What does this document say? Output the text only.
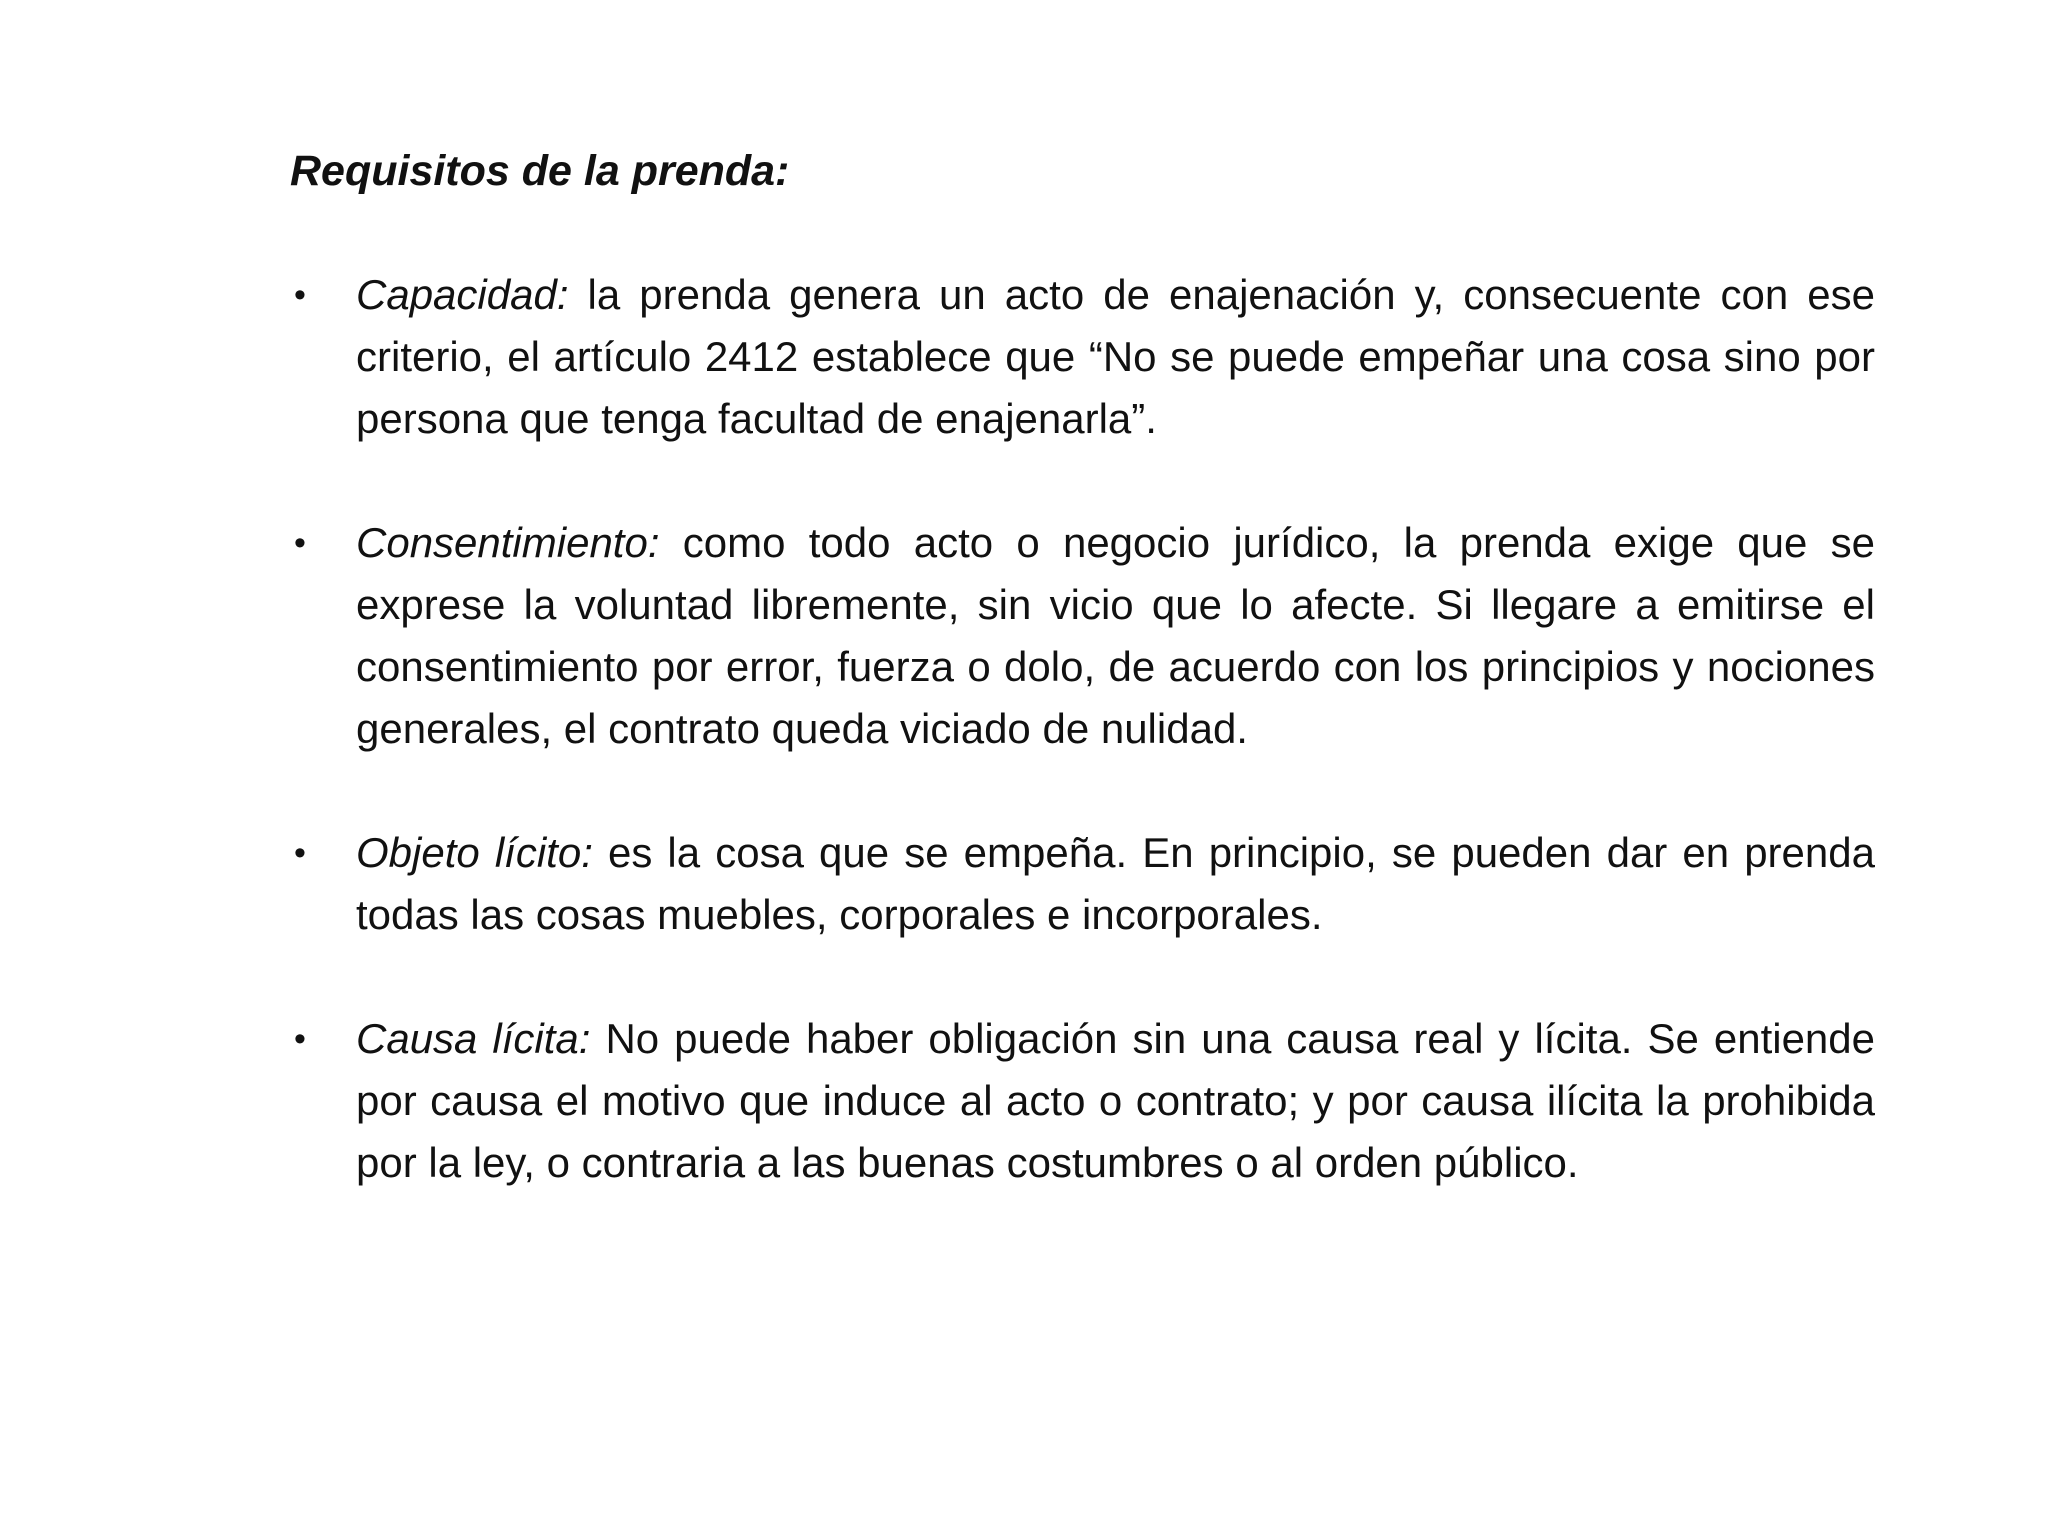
Requisitos de la prenda:
• Capacidad: la prenda genera un acto de enajenación y, consecuente con ese criterio, el artículo 2412 establece que “No se puede empeñar una cosa sino por persona que tenga facultad de enajenarla”.
• Consentimiento: como todo acto o negocio jurídico, la prenda exige que se exprese la voluntad libremente, sin vicio que lo afecte. Si llegare a emitirse el consentimiento por error, fuerza o dolo, de acuerdo con los principios y nociones generales, el contrato queda viciado de nulidad.
• Objeto lícito: es la cosa que se empeña. En principio, se pueden dar en prenda todas las cosas muebles, corporales e incorporales.
• Causa lícita: No puede haber obligación sin una causa real y lícita. Se entiende por causa el motivo que induce al acto o contrato; y por causa ilícita la prohibida por la ley, o contraria a las buenas costumbres o al orden público.
